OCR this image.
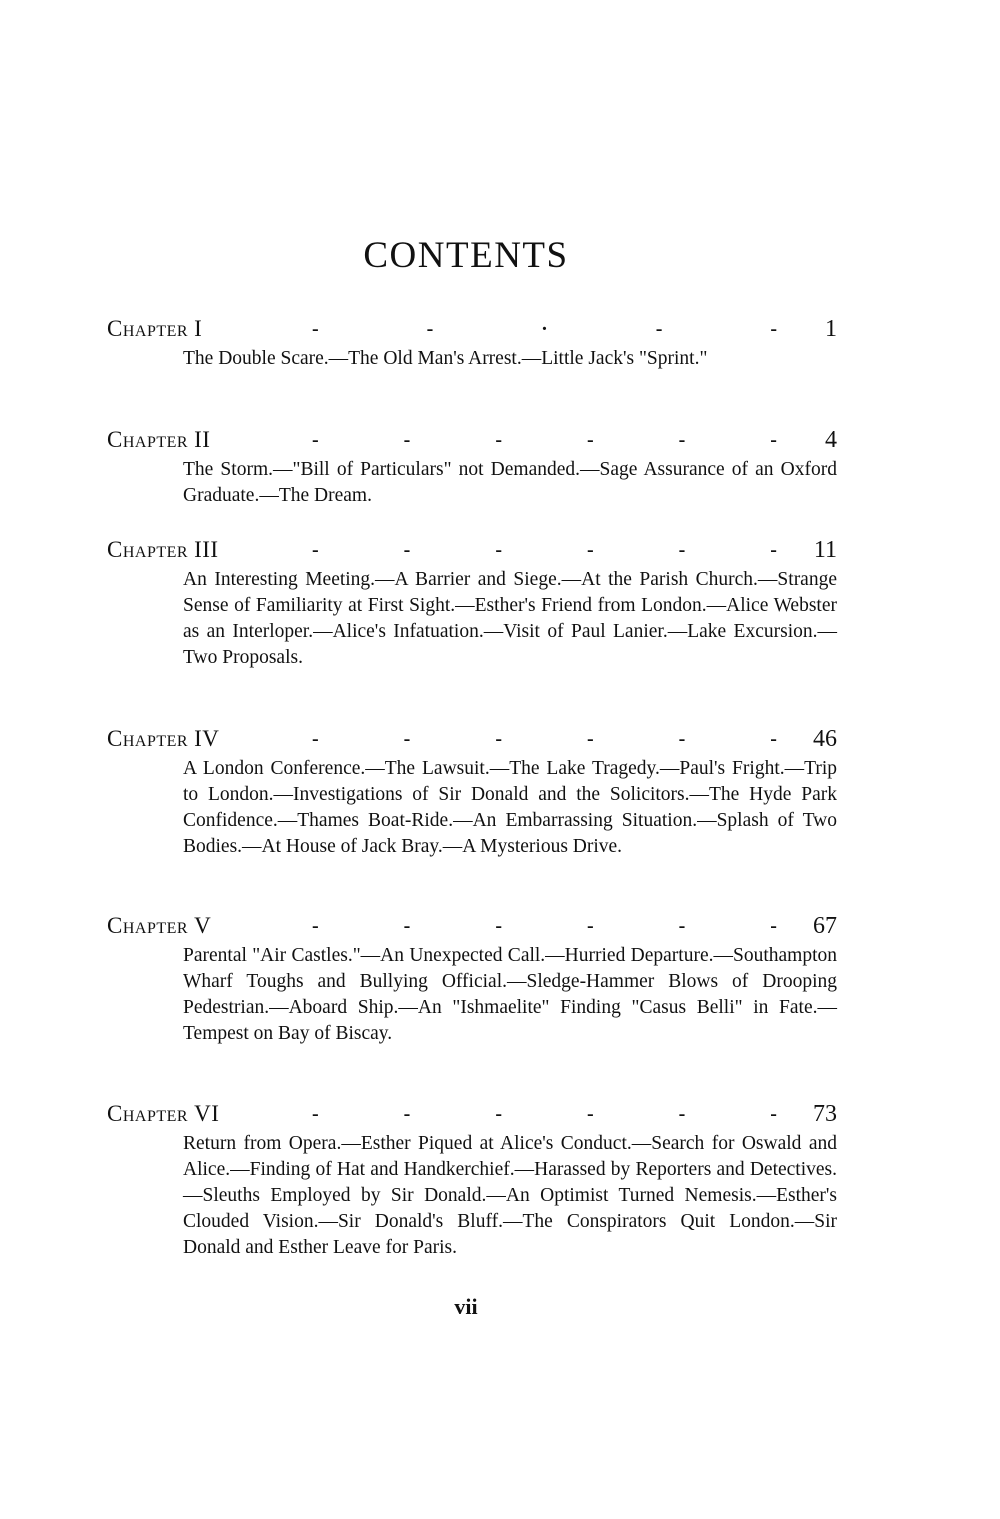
CONTENTS
Chapter I	-	-	·	-	- 1

The Double Scare.—The Old Man's Arrest.—Little Jack's "Sprint."

Chapter II	-	-	-	-	-	- 4

The Storm.—"Bill of Particulars" not Demanded.—Sage Assurance of an Oxford Graduate.—The Dream.

Chapter III	-	-	-	-	-	- 11

An Interesting Meeting.—A Barrier and Siege.—At the Parish Church.—Strange Sense of Familiarity at First Sight.—Esther's Friend from London.—Alice Webster as an Interloper.—Alice's Infatuation.—Visit of Paul Lanier.—Lake Excursion.—Two Proposals.

Chapter IV	-	-	-	-	-	- 46

A London Conference.—The Lawsuit.—The Lake Tragedy.—Paul's Fright.—Trip to London.—Investigations of Sir Donald and the Solicitors.—The Hyde Park Confidence.—Thames Boat-Ride.—An Embarrassing Situation.—Splash of Two Bodies.—At House of Jack Bray.—A Mysterious Drive.

Chapter V	-	-	-	-	-	- 67

Parental "Air Castles."—An Unexpected Call.—Hurried Departure.—Southampton Wharf Toughs and Bullying Official.—Sledge-Hammer Blows of Drooping Pedestrian.—Aboard Ship.—An "Ishmaelite" Finding "Casus Belli" in Fate.—Tempest on Bay of Biscay.

Chapter VI	-	-	-	-	-	- 73

Return from Opera.—Esther Piqued at Alice's Conduct.—Search for Oswald and Alice.—Finding of Hat and Handkerchief.—Harassed by Reporters and Detectives.—Sleuths Employed by Sir Donald.—An Optimist Turned Nemesis.—Esther's Clouded Vision.—Sir Donald's Bluff.—The Conspirators Quit London.—Sir Donald and Esther Leave for Paris.

vii
